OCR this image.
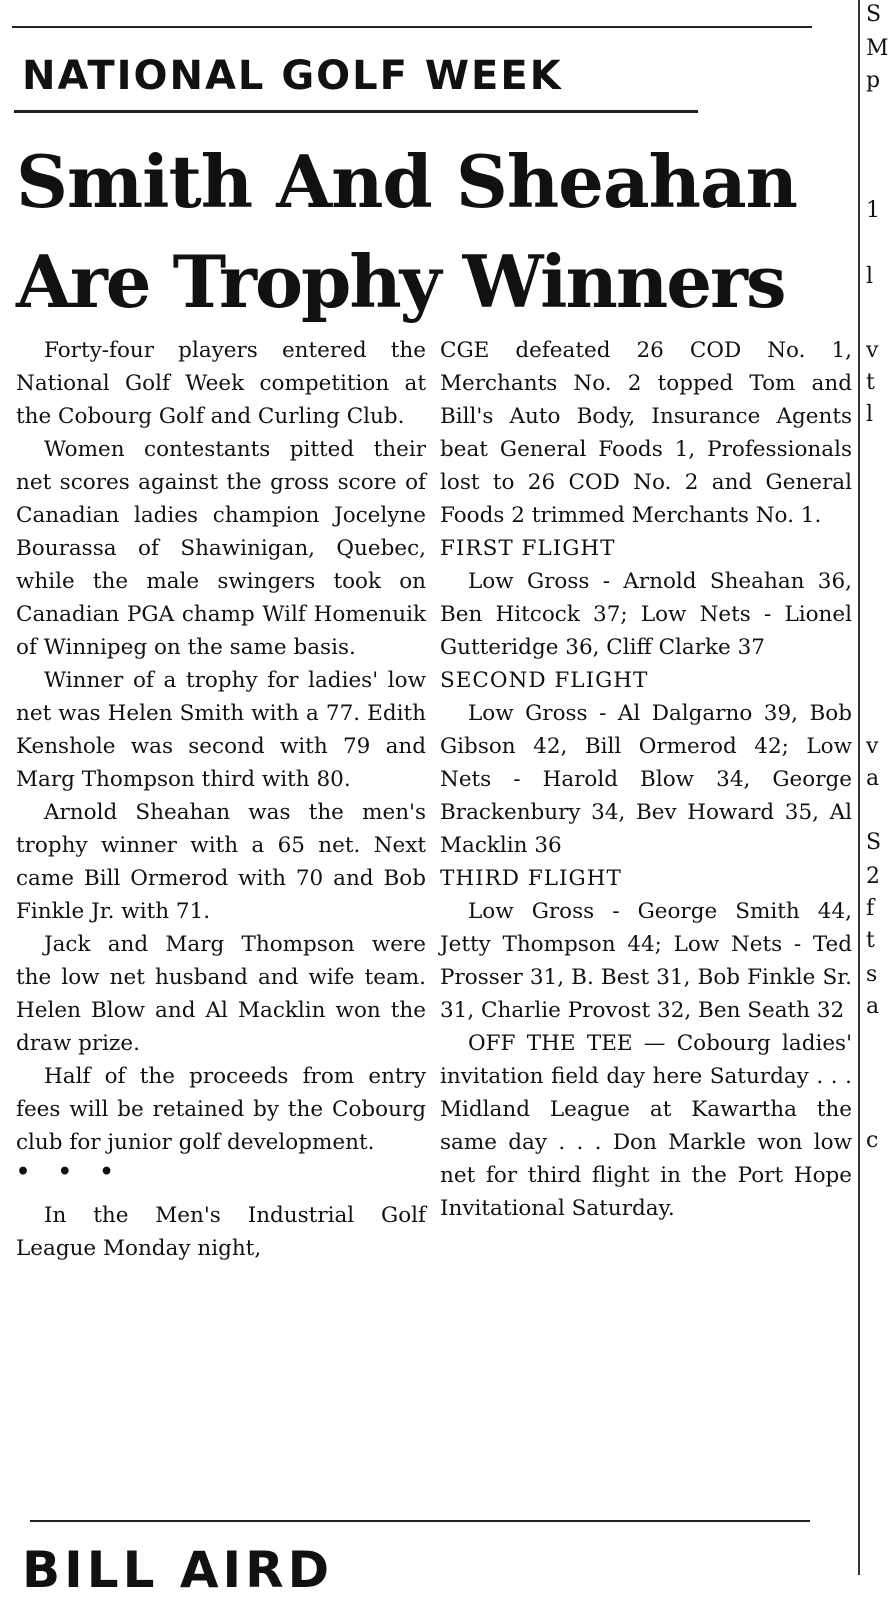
S
M
p
1
l
v
t
l
v
a
S
2
f
t
s
a
c
NATIONAL GOLF WEEK
Smith And Sheahan
Are Trophy Winners

Forty-four players entered the National Golf Week competition at the Cobourg Golf and Curling Club.

Women contestants pitted their net scores against the gross score of Canadian ladies champion Jocelyne Bourassa of Shawinigan, Quebec, while the male swingers took on Canadian PGA champ Wilf Homenuik of Winnipeg on the same basis.

Winner of a trophy for ladies' low net was Helen Smith with a 77. Edith Kenshole was second with 79 and Marg Thompson third with 80.

Arnold Sheahan was the men's trophy winner with a 65 net. Next came Bill Ormerod with 70 and Bob Finkle Jr. with 71.

Jack and Marg Thompson were the low net husband and wife team. Helen Blow and Al Macklin won the draw prize.

Half of the proceeds from entry fees will be retained by the Cobourg club for junior golf development.

• • •

In the Men's Industrial Golf League Monday night,

CGE defeated 26 COD No. 1, Merchants No. 2 topped Tom and Bill's Auto Body, Insurance Agents beat General Foods 1, Professionals lost to 26 COD No. 2 and General Foods 2 trimmed Merchants No. 1.

FIRST FLIGHT

Low Gross - Arnold Sheahan 36, Ben Hitcock 37; Low Nets - Lionel Gutteridge 36, Cliff Clarke 37

SECOND FLIGHT

Low Gross - Al Dalgarno 39, Bob Gibson 42, Bill Ormerod 42; Low Nets - Harold Blow 34, George Brackenbury 34, Bev Howard 35, Al Macklin 36

THIRD FLIGHT

Low Gross - George Smith 44, Jetty Thompson 44; Low Nets - Ted Prosser 31, B. Best 31, Bob Finkle Sr. 31, Charlie Provost 32, Ben Seath 32

OFF THE TEE — Cobourg ladies' invitation field day here Saturday . . . Midland League at Kawartha the same day . . . Don Markle won low net for third flight in the Port Hope Invitational Saturday.

BILL AIRD
